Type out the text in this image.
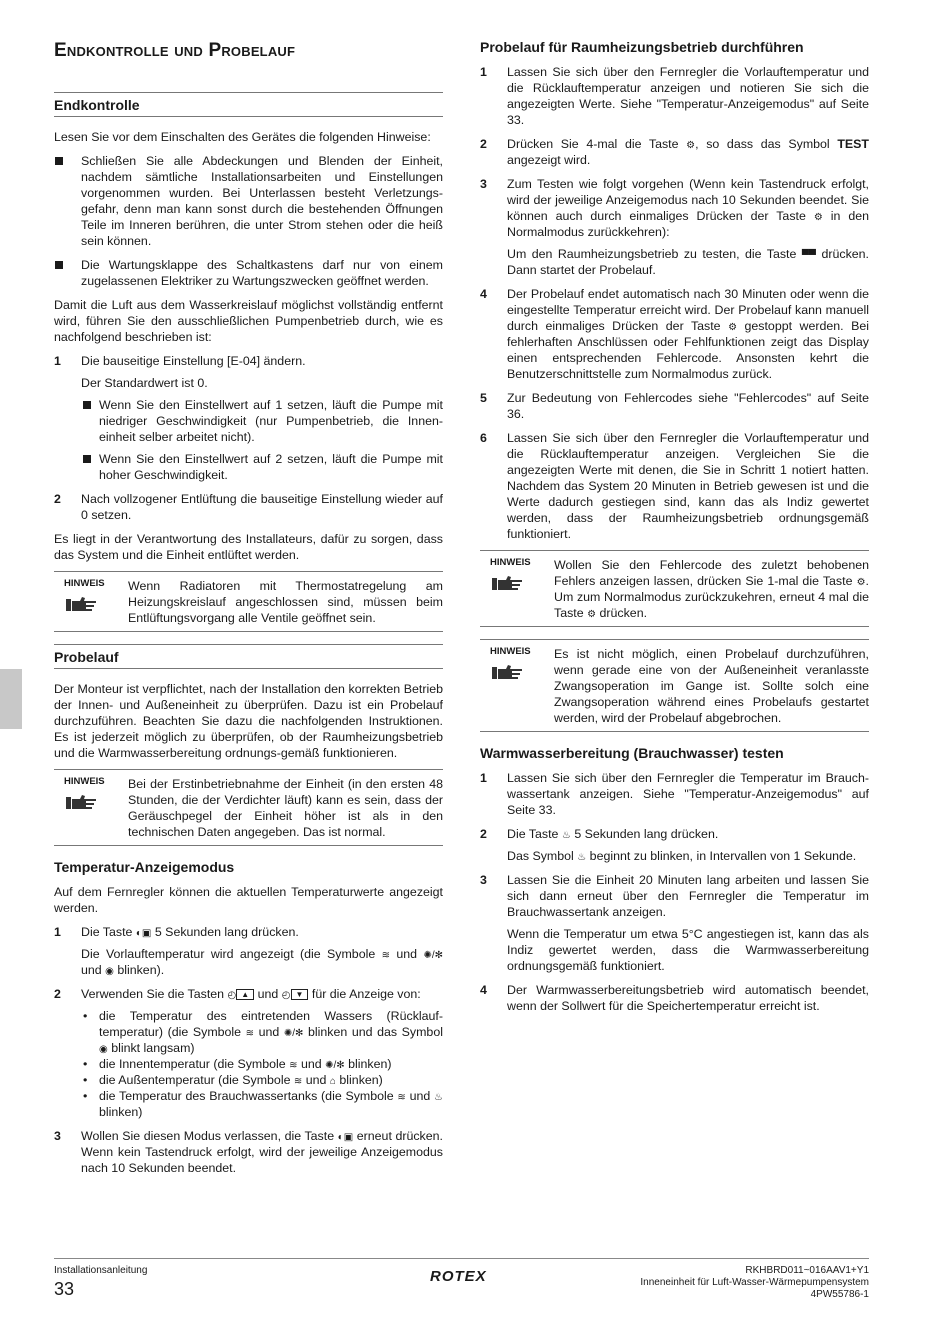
Endkontrolle und Probelauf
Endkontrolle

Lesen Sie vor dem Einschalten des Gerätes die folgenden Hinweise:

Schließen Sie alle Abdeckungen und Blenden der Einheit, nachdem sämtliche Installationsarbeiten und Einstellungen vorgenommen wurden. Bei Unterlassen besteht Verletzungs-gefahr, denn man kann sonst durch die bestehenden Öffnungen Teile im Inneren berühren, die unter Strom stehen oder die heiß sein können.
Die Wartungsklappe des Schaltkastens darf nur von einem zugelassenen Elektriker zu Wartungszwecken geöffnet werden.

Damit die Luft aus dem Wasserkreislauf möglichst vollständig entfernt wird, führen Sie den ausschließlichen Pumpenbetrieb durch, wie es nachfolgend beschrieben ist:

1 Die bauseitige Einstellung [E-04] ändern.

Der Standardwert ist 0.

Wenn Sie den Einstellwert auf 1 setzen, läuft die Pumpe mit niedriger Geschwindigkeit (nur Pumpenbetrieb, die Innen-einheit selber arbeitet nicht).
Wenn Sie den Einstellwert auf 2 setzen, läuft die Pumpe mit hoher Geschwindigkeit.
2 Nach vollzogener Entlüftung die bauseitige Einstellung wieder auf 0 setzen.

Es liegt in der Verantwortung des Installateurs, dafür zu sorgen, dass das System und die Einheit entlüftet werden.

HINWEIS	Wenn Radiatoren mit Thermostatregelung am Heizungskreislauf angeschlossen sind, müssen beim Entlüftungsvorgang alle Ventile geöffnet sein.
Probelauf

Der Monteur ist verpflichtet, nach der Installation den korrekten Betrieb der Innen- und Außeneinheit zu überprüfen. Dazu ist ein Probelauf durchzuführen. Beachten Sie dazu die nachfolgenden Instruktionen. Es ist jederzeit möglich zu überprüfen, ob der Raumheizungsbetrieb und die Warmwasserbereitung ordnungs-gemäß funktionieren.

HINWEIS	Bei der Erstinbetriebnahme der Einheit (in den ersten 48 Stunden, die der Verdichter läuft) kann es sein, dass der Geräuschpegel der Einheit höher ist als in den technischen Daten angegeben. Das ist normal.
Temperatur-Anzeigemodus

Auf dem Fernregler können die aktuellen Temperaturwerte angezeigt werden.

1 Die Taste ◐▣ 5 Sekunden lang drücken.

Die Vorlauftemperatur wird angezeigt (die Symbole ≋ und ✺/✻ und ◉ blinken).

2 Verwenden Sie die Tasten ◴ ▲ und ◴ ▼ für die Anzeige von:

• die Temperatur des eintretenden Wassers (Rücklauf-temperatur) (die Symbole ≋ und ✺/✻ blinken und das Symbol ◉ blinkt langsam)
• die Innentemperatur (die Symbole ≋ und ✺/✻ blinken)
• die Außentemperatur (die Symbole ≋ und ⌂ blinken)
• die Temperatur des Brauchwassertanks (die Symbole ≋ und ♨ blinken)
3 Wollen Sie diesen Modus verlassen, die Taste ◐▣ erneut drücken. Wenn kein Tastendruck erfolgt, wird der jeweilige Anzeigemodus nach 10 Sekunden beendet.

Probelauf für Raumheizungsbetrieb durchführen
1 Lassen Sie sich über den Fernregler die Vorlauftemperatur und die Rücklauftemperatur anzeigen und notieren Sie sich die angezeigten Werte. Siehe "Temperatur-Anzeigemodus" auf Seite 33.

2 Drücken Sie 4-mal die Taste ⚙, so dass das Symbol TEST angezeigt wird.

3 Zum Testen wie folgt vorgehen (Wenn kein Tastendruck erfolgt, wird der jeweilige Anzeigemodus nach 10 Sekunden beendet. Sie können auch durch einmaliges Drücken der Taste ⚙ in den Normalmodus zurückkehren):

Um den Raumheizungsbetrieb zu testen, die Taste ▀▀ drücken. Dann startet der Probelauf.

4 Der Probelauf endet automatisch nach 30 Minuten oder wenn die eingestellte Temperatur erreicht wird. Der Probelauf kann manuell durch einmaliges Drücken der Taste ⚙ gestoppt werden. Bei fehlerhaften Anschlüssen oder Fehlfunktionen zeigt das Display einen entsprechenden Fehlercode. Ansonsten kehrt die Benutzerschnittstelle zum Normalmodus zurück.

5 Zur Bedeutung von Fehlercodes siehe "Fehlercodes" auf Seite 36.

6 Lassen Sie sich über den Fernregler die Vorlauftemperatur und die Rücklauftemperatur anzeigen. Vergleichen Sie die angezeigten Werte mit denen, die Sie in Schritt 1 notiert hatten. Nachdem das System 20 Minuten in Betrieb gewesen ist und die Werte dadurch gestiegen sind, kann das als Indiz gewertet werden, dass der Raumheizungsbetrieb ordnungsgemäß funktioniert.

HINWEIS	Wollen Sie den Fehlercode des zuletzt behobenen Fehlers anzeigen lassen, drücken Sie 1-mal die Taste ⚙. Um zum Normalmodus zurückzukehren, erneut 4 mal die Taste ⚙ drücken.
HINWEIS	Es ist nicht möglich, einen Probelauf durchzuführen, wenn gerade eine von der Außeneinheit veranlasste Zwangsoperation im Gange ist. Sollte solch eine Zwangsoperation während eines Probelaufs gestartet werden, wird der Probelauf abgebrochen.
Warmwasserbereitung (Brauchwasser) testen
1 Lassen Sie sich über den Fernregler die Temperatur im Brauch-wassertank anzeigen. Siehe "Temperatur-Anzeigemodus" auf Seite 33.

2 Die Taste ♨ 5 Sekunden lang drücken.

Das Symbol ♨ beginnt zu blinken, in Intervallen von 1 Sekunde.

3 Lassen Sie die Einheit 20 Minuten lang arbeiten und lassen Sie sich dann erneut über den Fernregler die Temperatur im Brauchwassertank anzeigen.

Wenn die Temperatur um etwa 5°C angestiegen ist, kann das als Indiz gewertet werden, dass die Warmwasserbereitung ordnungsgemäß funktioniert.

4 Der Warmwasserbereitungsbetrieb wird automatisch beendet, wenn der Sollwert für die Speichertemperatur erreicht ist.

Installationsanleitung
33
ROTEX	RKHBRD011~016AAV1+Y1
Inneneinheit für Luft-Wasser-Wärmepumpensystem
4PW55786-1
